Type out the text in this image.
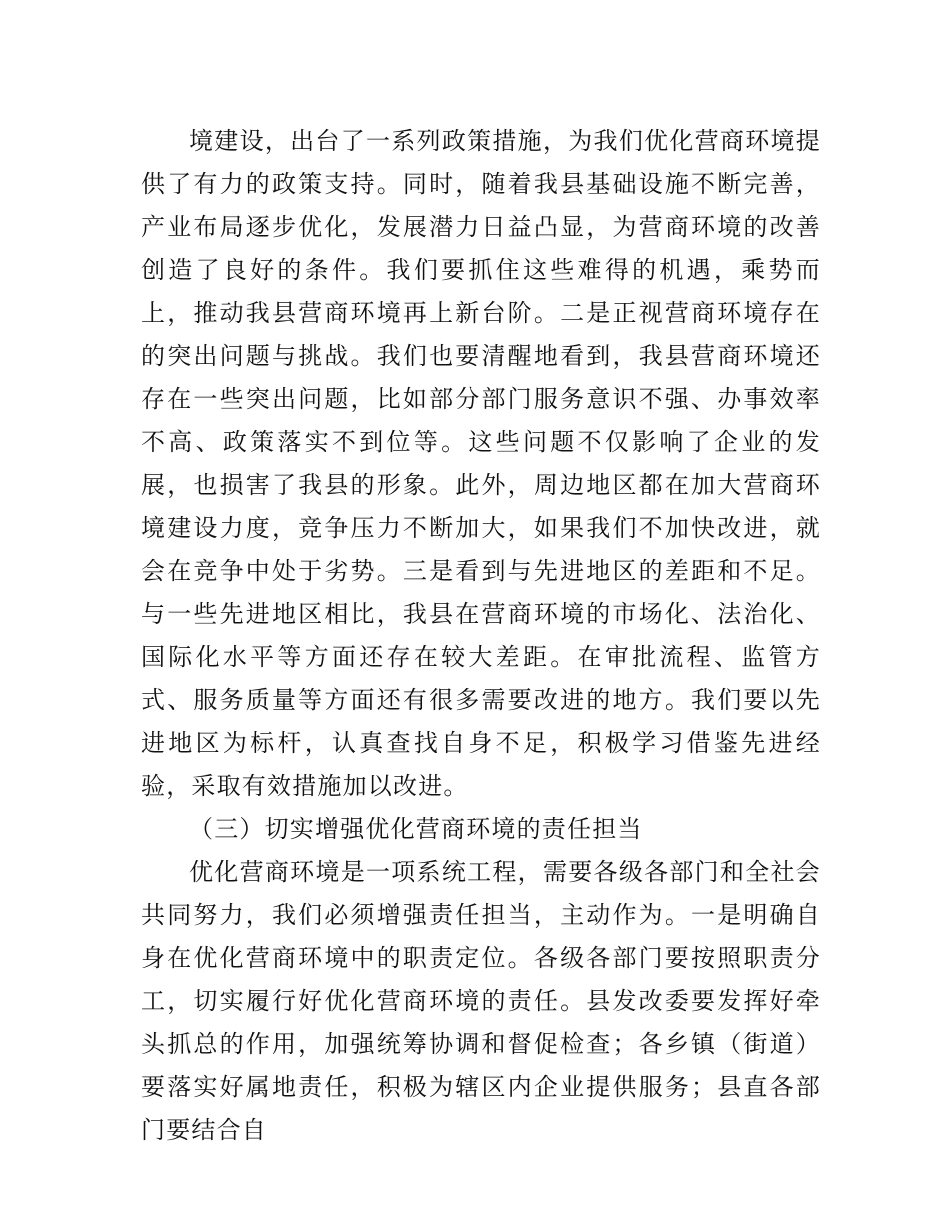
境建设，出台了一系列政策措施，为我们优化营商环境提供了有力的政策支持。同时，随着我县基础设施不断完善，产业布局逐步优化，发展潜力日益凸显，为营商环境的改善创造了良好的条件。我们要抓住这些难得的机遇，乘势而上，推动我县营商环境再上新台阶。二是正视营商环境存在的突出问题与挑战。我们也要清醒地看到，我县营商环境还存在一些突出问题，比如部分部门服务意识不强、办事效率不高、政策落实不到位等。这些问题不仅影响了企业的发展，也损害了我县的形象。此外，周边地区都在加大营商环境建设力度，竞争压力不断加大，如果我们不加快改进，就会在竞争中处于劣势。三是看到与先进地区的差距和不足。与一些先进地区相比，我县在营商环境的市场化、法治化、国际化水平等方面还存在较大差距。在审批流程、监管方式、服务质量等方面还有很多需要改进的地方。我们要以先进地区为标杆，认真查找自身不足，积极学习借鉴先进经验，采取有效措施加以改进。

（三）切实增强优化营商环境的责任担当

优化营商环境是一项系统工程，需要各级各部门和全社会共同努力，我们必须增强责任担当，主动作为。一是明确自身在优化营商环境中的职责定位。各级各部门要按照职责分工，切实履行好优化营商环境的责任。县发改委要发挥好牵头抓总的作用，加强统筹协调和督促检查；各乡镇（街道）要落实好属地责任，积极为辖区内企业提供服务；县直各部门要结合自
